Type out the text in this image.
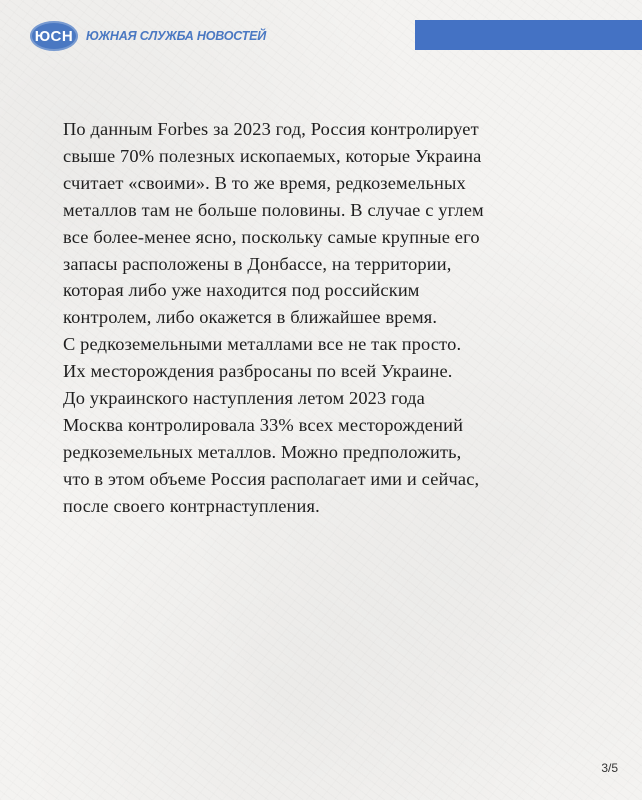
ЮСН ЮЖНАЯ СЛУЖБА НОВОСТЕЙ
По данным Forbes за 2023 год, Россия контролирует
свыше 70% полезных ископаемых, которые Украина
считает «своими». В то же время, редкоземельных
металлов там не больше половины. В случае с углем
все более-менее ясно, поскольку самые крупные его
запасы расположены в Донбассе, на территории,
которая либо уже находится под российским
контролем, либо окажется в ближайшее время.
С редкоземельными металлами все не так просто.
Их месторождения разбросаны по всей Украине.
До украинского наступления летом 2023 года
Москва контролировала 33% всех месторождений
редкоземельных металлов. Можно предположить,
что в этом объеме Россия располагает ими и сейчас,
после своего контрнаступления.
3/5
